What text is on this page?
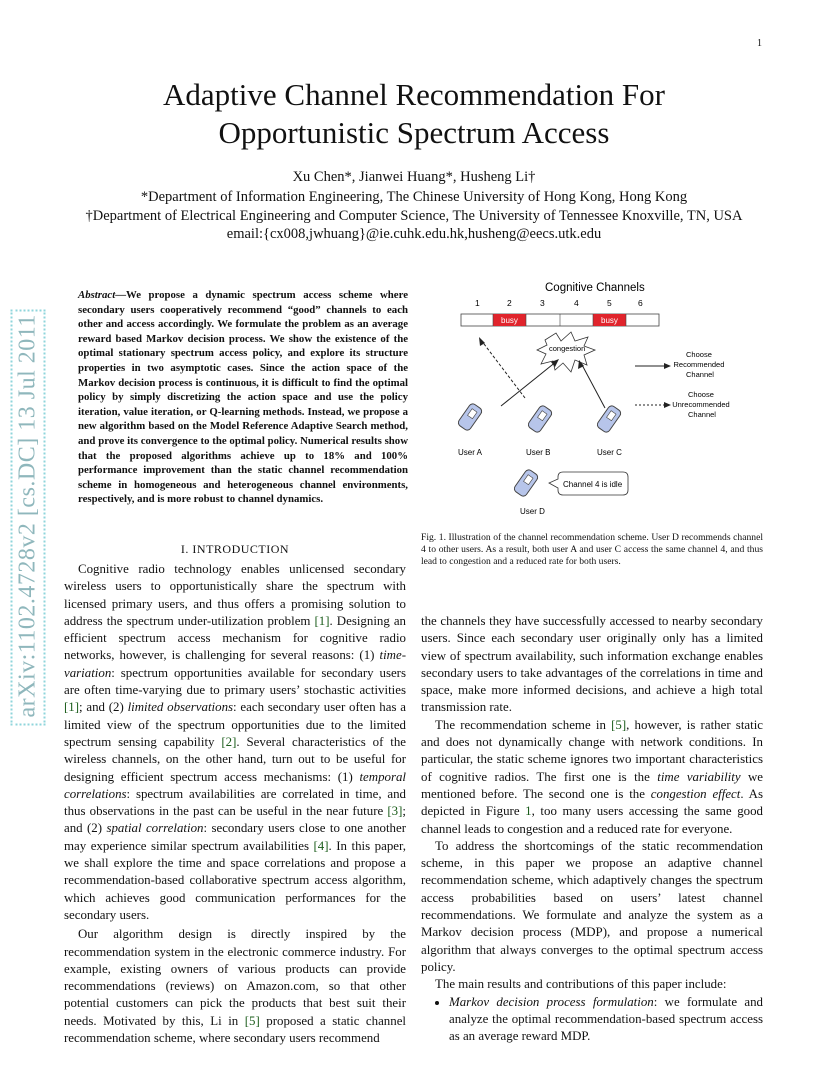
1
arXiv:1102.4728v2 [cs.DC] 13 Jul 2011
Adaptive Channel Recommendation For
Opportunistic Spectrum Access
Xu Chen*, Jianwei Huang*, Husheng Li†
*Department of Information Engineering, The Chinese University of Hong Kong, Hong Kong
†Department of Electrical Engineering and Computer Science, The University of Tennessee Knoxville, TN, USA
email:{cx008,jwhuang}@ie.cuhk.edu.hk,husheng@eecs.utk.edu
Abstract—We propose a dynamic spectrum access scheme where secondary users cooperatively recommend “good” channels to each other and access accordingly. We formulate the problem as an average reward based Markov decision process. We show the existence of the optimal stationary spectrum access policy, and explore its structure properties in two asymptotic cases. Since the action space of the Markov decision process is continuous, it is difficult to find the optimal policy by simply discretizing the action space and use the policy iteration, value iteration, or Q-learning methods. Instead, we propose a new algorithm based on the Model Reference Adaptive Search method, and prove its convergence to the optimal policy. Numerical results show that the proposed algorithms achieve up to 18% and 100% performance improvement than the static channel recommendation scheme in homogeneous and heterogeneous channel environments, respectively, and is more robust to channel dynamics.
I. INTRODUCTION

Cognitive radio technology enables unlicensed secondary wireless users to opportunistically share the spectrum with licensed primary users, and thus offers a promising solution to address the spectrum under-utilization problem [1]. Designing an efficient spectrum access mechanism for cognitive radio networks, however, is challenging for several reasons: (1) time-variation: spectrum opportunities available for secondary users are often time-varying due to primary users’ stochastic activities [1]; and (2) limited observations: each secondary user often has a limited view of the spectrum opportunities due to the limited spectrum sensing capability [2]. Several characteristics of the wireless channels, on the other hand, turn out to be useful for designing efficient spectrum access mechanisms: (1) temporal correlations: spectrum availabilities are correlated in time, and thus observations in the past can be useful in the near future [3]; and (2) spatial correlation: secondary users close to one another may experience similar spectrum availabilities [4]. In this paper, we shall explore the time and space correlations and propose a recommendation-based collaborative spectrum access algorithm, which achieves good communication performances for the secondary users.

Our algorithm design is directly inspired by the recommendation system in the electronic commerce industry. For example, existing owners of various products can provide recommendations (reviews) on Amazon.com, so that other potential customers can pick the products that best suit their needs. Motivated by this, Li in [5] proposed a static channel recommendation scheme, where secondary users recommend

Cognitive Channels
1	2	3	4	5	6
busy	busy
congestion
Choose Recommended Channel
Choose Unrecommended Channel
User A	User B	User C
User D
Channel 4 is idle
Fig. 1. Illustration of the channel recommendation scheme. User D recommends channel 4 to other users. As a result, both user A and user C access the same channel 4, and thus lead to congestion and a reduced rate for both users.

the channels they have successfully accessed to nearby secondary users. Since each secondary user originally only has a limited view of spectrum availability, such information exchange enables secondary users to take advantages of the correlations in time and space, make more informed decisions, and achieve a high total transmission rate.

The recommendation scheme in [5], however, is rather static and does not dynamically change with network conditions. In particular, the static scheme ignores two important characteristics of cognitive radios. The first one is the time variability we mentioned before. The second one is the congestion effect. As depicted in Figure 1, too many users accessing the same good channel leads to congestion and a reduced rate for everyone.

To address the shortcomings of the static recommendation scheme, in this paper we propose an adaptive channel recommendation scheme, which adaptively changes the spectrum access probabilities based on users’ latest channel recommendations. We formulate and analyze the system as a Markov decision process (MDP), and propose a numerical algorithm that always converges to the optimal spectrum access policy.

The main results and contributions of this paper include:

• Markov decision process formulation: we formulate and analyze the optimal recommendation-based spectrum access as an average reward MDP.
